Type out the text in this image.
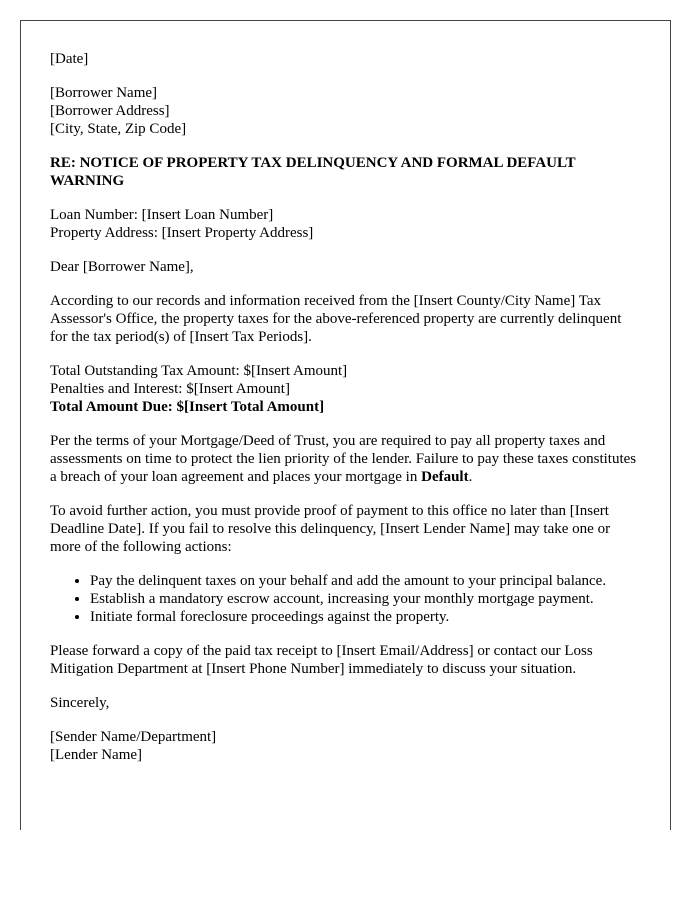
[Date]
[Borrower Name]
[Borrower Address]
[City, State, Zip Code]
RE: NOTICE OF PROPERTY TAX DELINQUENCY AND FORMAL DEFAULT WARNING
Loan Number: [Insert Loan Number]
Property Address: [Insert Property Address]
Dear [Borrower Name],
According to our records and information received from the [Insert County/City Name] Tax Assessor's Office, the property taxes for the above-referenced property are currently delinquent for the tax period(s) of [Insert Tax Periods].
Total Outstanding Tax Amount: $[Insert Amount]
Penalties and Interest: $[Insert Amount]
Total Amount Due: $[Insert Total Amount]
Per the terms of your Mortgage/Deed of Trust, you are required to pay all property taxes and assessments on time to protect the lien priority of the lender. Failure to pay these taxes constitutes a breach of your loan agreement and places your mortgage in Default.
To avoid further action, you must provide proof of payment to this office no later than [Insert Deadline Date]. If you fail to resolve this delinquency, [Insert Lender Name] may take one or more of the following actions:
• Pay the delinquent taxes on your behalf and add the amount to your principal balance.
• Establish a mandatory escrow account, increasing your monthly mortgage payment.
• Initiate formal foreclosure proceedings against the property.
Please forward a copy of the paid tax receipt to [Insert Email/Address] or contact our Loss Mitigation Department at [Insert Phone Number] immediately to discuss your situation.
Sincerely,
[Sender Name/Department]
[Lender Name]
